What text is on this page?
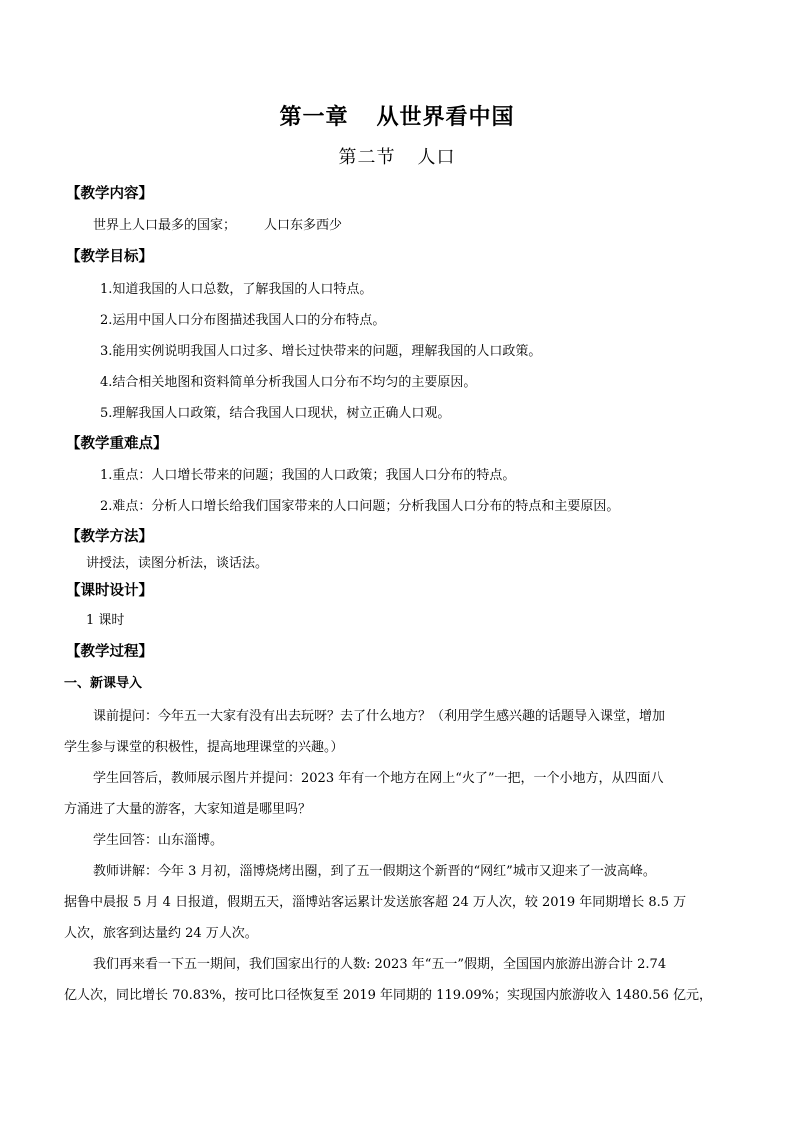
第一章 从世界看中国
第二节 人口
【教学内容】
世界上人口最多的国家； 人口东多西少
【教学目标】
1.知道我国的人口总数，了解我国的人口特点。
2.运用中国人口分布图描述我国人口的分布特点。
3.能用实例说明我国人口过多、增长过快带来的问题，理解我国的人口政策。
4.结合相关地图和资料简单分析我国人口分布不均匀的主要原因。
5.理解我国人口政策，结合我国人口现状，树立正确人口观。
【教学重难点】
1.重点：人口增长带来的问题；我国的人口政策；我国人口分布的特点。
2.难点：分析人口增长给我们国家带来的人口问题；分析我国人口分布的特点和主要原因。
【教学方法】
讲授法，读图分析法，谈话法。
【课时设计】
1 课时
【教学过程】
一、新课导入
课前提问：今年五一大家有没有出去玩呀？去了什么地方？（利用学生感兴趣的话题导入课堂，增加
学生参与课堂的积极性，提高地理课堂的兴趣。）
学生回答后，教师展示图片并提问：2023 年有一个地方在网上“火了”一把，一个小地方，从四面八
方涌进了大量的游客，大家知道是哪里吗？
学生回答：山东淄博。
教师讲解：今年 3 月初，淄博烧烤出圈，到了五一假期这个新晋的“网红”城市又迎来了一波高峰。
据鲁中晨报 5 月 4 日报道，假期五天，淄博站客运累计发送旅客超 24 万人次，较 2019 年同期增长 8.5 万
人次，旅客到达量约 24 万人次。
我们再来看一下五一期间，我们国家出行的人数: 2023 年“五一”假期，全国国内旅游出游合计 2.74
亿人次，同比增长 70.83%，按可比口径恢复至 2019 年同期的 119.09%；实现国内旅游收入 1480.56 亿元，
